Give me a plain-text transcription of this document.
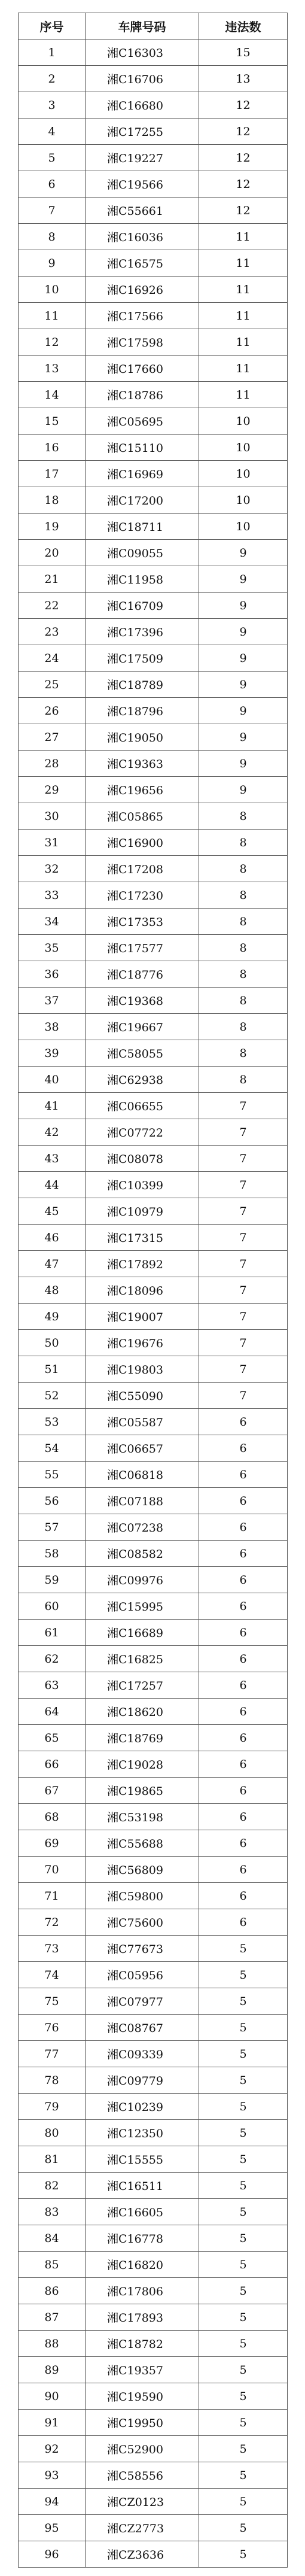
序号	车牌号码	违法数
1	湘C16303	15
2	湘C16706	13
3	湘C16680	12
4	湘C17255	12
5	湘C19227	12
6	湘C19566	12
7	湘C55661	12
8	湘C16036	11
9	湘C16575	11
10	湘C16926	11
11	湘C17566	11
12	湘C17598	11
13	湘C17660	11
14	湘C18786	11
15	湘C05695	10
16	湘C15110	10
17	湘C16969	10
18	湘C17200	10
19	湘C18711	10
20	湘C09055	9
21	湘C11958	9
22	湘C16709	9
23	湘C17396	9
24	湘C17509	9
25	湘C18789	9
26	湘C18796	9
27	湘C19050	9
28	湘C19363	9
29	湘C19656	9
30	湘C05865	8
31	湘C16900	8
32	湘C17208	8
33	湘C17230	8
34	湘C17353	8
35	湘C17577	8
36	湘C18776	8
37	湘C19368	8
38	湘C19667	8
39	湘C58055	8
40	湘C62938	8
41	湘C06655	7
42	湘C07722	7
43	湘C08078	7
44	湘C10399	7
45	湘C10979	7
46	湘C17315	7
47	湘C17892	7
48	湘C18096	7
49	湘C19007	7
50	湘C19676	7
51	湘C19803	7
52	湘C55090	7
53	湘C05587	6
54	湘C06657	6
55	湘C06818	6
56	湘C07188	6
57	湘C07238	6
58	湘C08582	6
59	湘C09976	6
60	湘C15995	6
61	湘C16689	6
62	湘C16825	6
63	湘C17257	6
64	湘C18620	6
65	湘C18769	6
66	湘C19028	6
67	湘C19865	6
68	湘C53198	6
69	湘C55688	6
70	湘C56809	6
71	湘C59800	6
72	湘C75600	6
73	湘C77673	5
74	湘C05956	5
75	湘C07977	5
76	湘C08767	5
77	湘C09339	5
78	湘C09779	5
79	湘C10239	5
80	湘C12350	5
81	湘C15555	5
82	湘C16511	5
83	湘C16605	5
84	湘C16778	5
85	湘C16820	5
86	湘C17806	5
87	湘C17893	5
88	湘C18782	5
89	湘C19357	5
90	湘C19590	5
91	湘C19950	5
92	湘C52900	5
93	湘C58556	5
94	湘CZ0123	5
95	湘CZ2773	5
96	湘CZ3636	5
